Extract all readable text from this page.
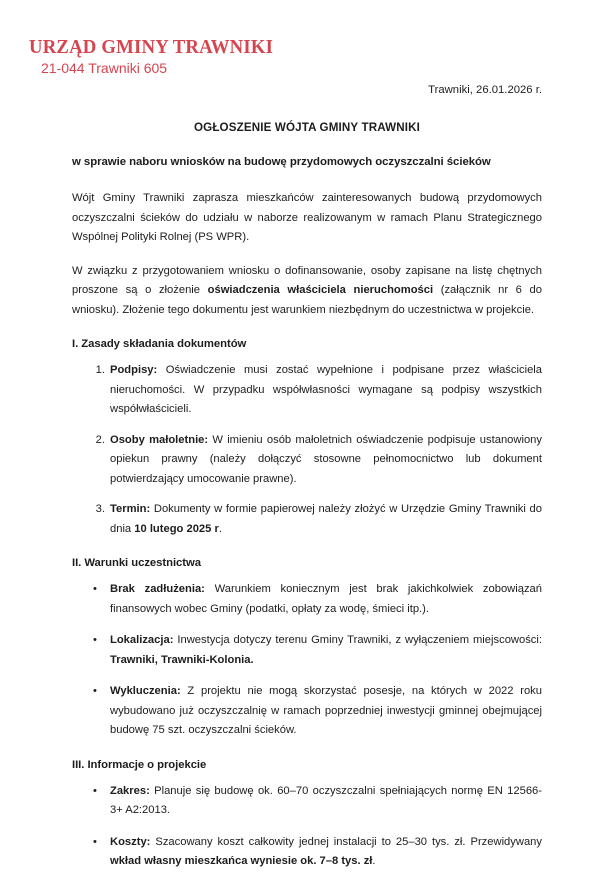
URZĄD GMINY TRAWNIKI
21-044 Trawniki 605
Trawniki, 26.01.2026 r.
OGŁOSZENIE WÓJTA GMINY TRAWNIKI
w sprawie naboru wniosków na budowę przydomowych oczyszczalni ścieków

Wójt Gminy Trawniki zaprasza mieszkańców zainteresowanych budową przydomowych oczyszczalni ścieków do udziału w naborze realizowanym w ramach Planu Strategicznego Wspólnej Polityki Rolnej (PS WPR).

W związku z przygotowaniem wniosku o dofinansowanie, osoby zapisane na listę chętnych proszone są o złożenie oświadczenia właściciela nieruchomości (załącznik nr 6 do wniosku). Złożenie tego dokumentu jest warunkiem niezbędnym do uczestnictwa w projekcie.

I. Zasady składania dokumentów
1. Podpisy: Oświadczenie musi zostać wypełnione i podpisane przez właściciela nieruchomości. W przypadku współwłasności wymagane są podpisy wszystkich współwłaścicieli.
2. Osoby małoletnie: W imieniu osób małoletnich oświadczenie podpisuje ustanowiony opiekun prawny (należy dołączyć stosowne pełnomocnictwo lub dokument potwierdzający umocowanie prawne).
3. Termin: Dokumenty w formie papierowej należy złożyć w Urzędzie Gminy Trawniki do dnia 10 lutego 2025 r.
II. Warunki uczestnictwa
• Brak zadłużenia: Warunkiem koniecznym jest brak jakichkolwiek zobowiązań finansowych wobec Gminy (podatki, opłaty za wodę, śmieci itp.).
• Lokalizacja: Inwestycja dotyczy terenu Gminy Trawniki, z wyłączeniem miejscowości: Trawniki, Trawniki-Kolonia.
• Wykluczenia: Z projektu nie mogą skorzystać posesje, na których w 2022 roku wybudowano już oczyszczalnię w ramach poprzedniej inwestycji gminnej obejmującej budowę 75 szt. oczyszczalni ścieków.
III. Informacje o projekcie
• Zakres: Planuje się budowę ok. 60–70 oczyszczalni spełniających normę EN 12566-3+ A2:2013.
• Koszty: Szacowany koszt całkowity jednej instalacji to 25–30 tys. zł. Przewidywany wkład własny mieszkańca wyniesie ok. 7–8 tys. zł.
